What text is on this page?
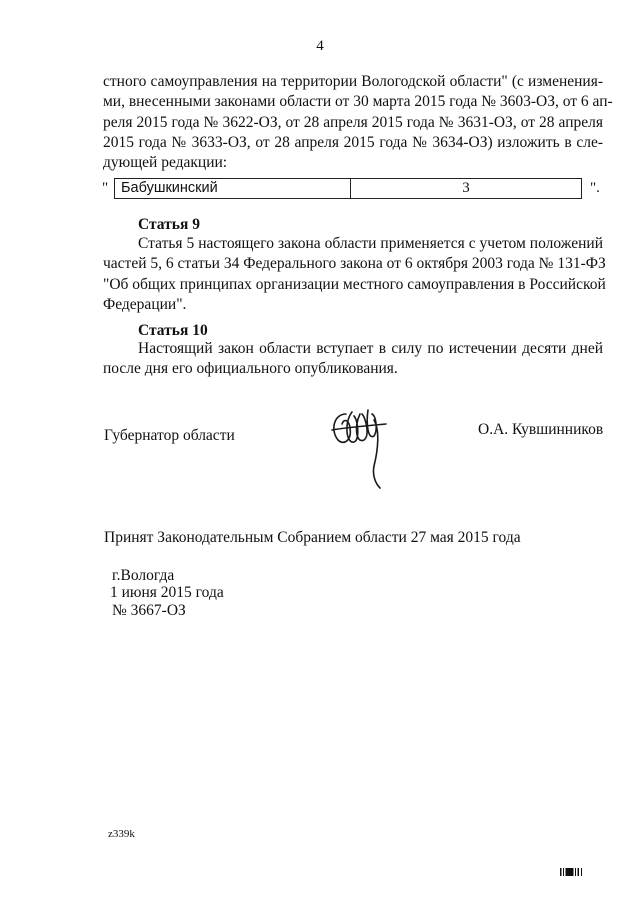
4
стного самоуправления на территории Вологодской области" (с изменения-
ми, внесенными законами области от 30 марта 2015 года № 3603-ОЗ, от 6 ап-
реля 2015 года № 3622-ОЗ, от 28 апреля 2015 года № 3631-ОЗ, от 28 апреля
2015 года № 3633-ОЗ, от 28 апреля 2015 года № 3634-ОЗ) изложить в сле-
дующей редакции:
" Бабушкинский	3	".
Статья 9
Статья 5 настоящего закона области применяется с учетом положений
частей 5, 6 статьи 34 Федерального закона от 6 октября 2003 года № 131-ФЗ
"Об общих принципах организации местного самоуправления в Российской
Федерации".
Статья 10
Настоящий закон области вступает в силу по истечении десяти дней
после дня его официального опубликования.
Губернатор области	О.А. Кувшинников
Принят Законодательным Собранием области 27 мая 2015 года
г.Вологда
1 июня 2015 года
№ 3667-ОЗ
z339k
